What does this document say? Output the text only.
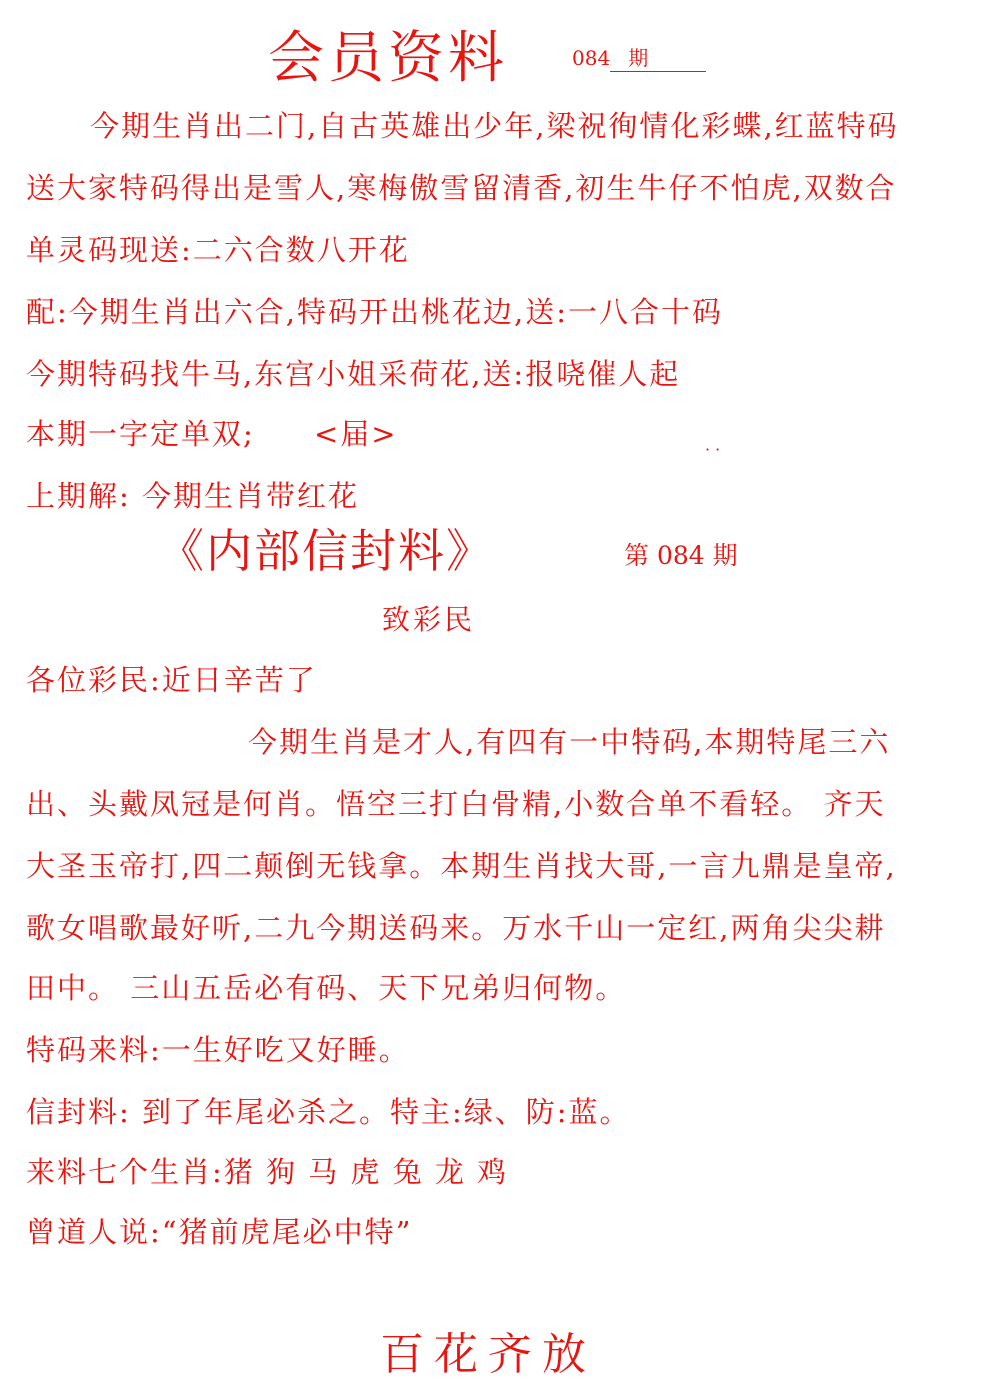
会员资料	084 期
今期生肖出二门,自古英雄出少年,梁祝徇情化彩蝶,红蓝特码
送大家特码得出是雪人,寒梅傲雪留清香,初生牛仔不怕虎,双数合
单灵码现送:二六合数八开花
配:今期生肖出六合,特码开出桃花边,送:一八合十码
今期特码找牛马,东宫小姐采荷花,送:报哓催人起
本期一字定单双; <届>	· ·
上期解: 今期生肖带红花
《内部信封料》	第 084 期
致彩民
各位彩民:近日辛苦了
今期生肖是才人,有四有一中特码,本期特尾三六
出、头戴凤冠是何肖。悟空三打白骨精,小数合单不看轻。 齐天
大圣玉帝打,四二颠倒无钱拿。本期生肖找大哥,一言九鼎是皇帝,
歌女唱歌最好听,二九今期送码来。万水千山一定红,两角尖尖耕
田中。 三山五岳必有码、天下兄弟归何物。
特码来料:一生好吃又好睡。
信封料: 到了年尾必杀之。特主:绿、防:蓝。
来料七个生肖:猪 狗 马 虎 兔 龙 鸡
曾道人说:“猪前虎尾必中特”
百花齐放
